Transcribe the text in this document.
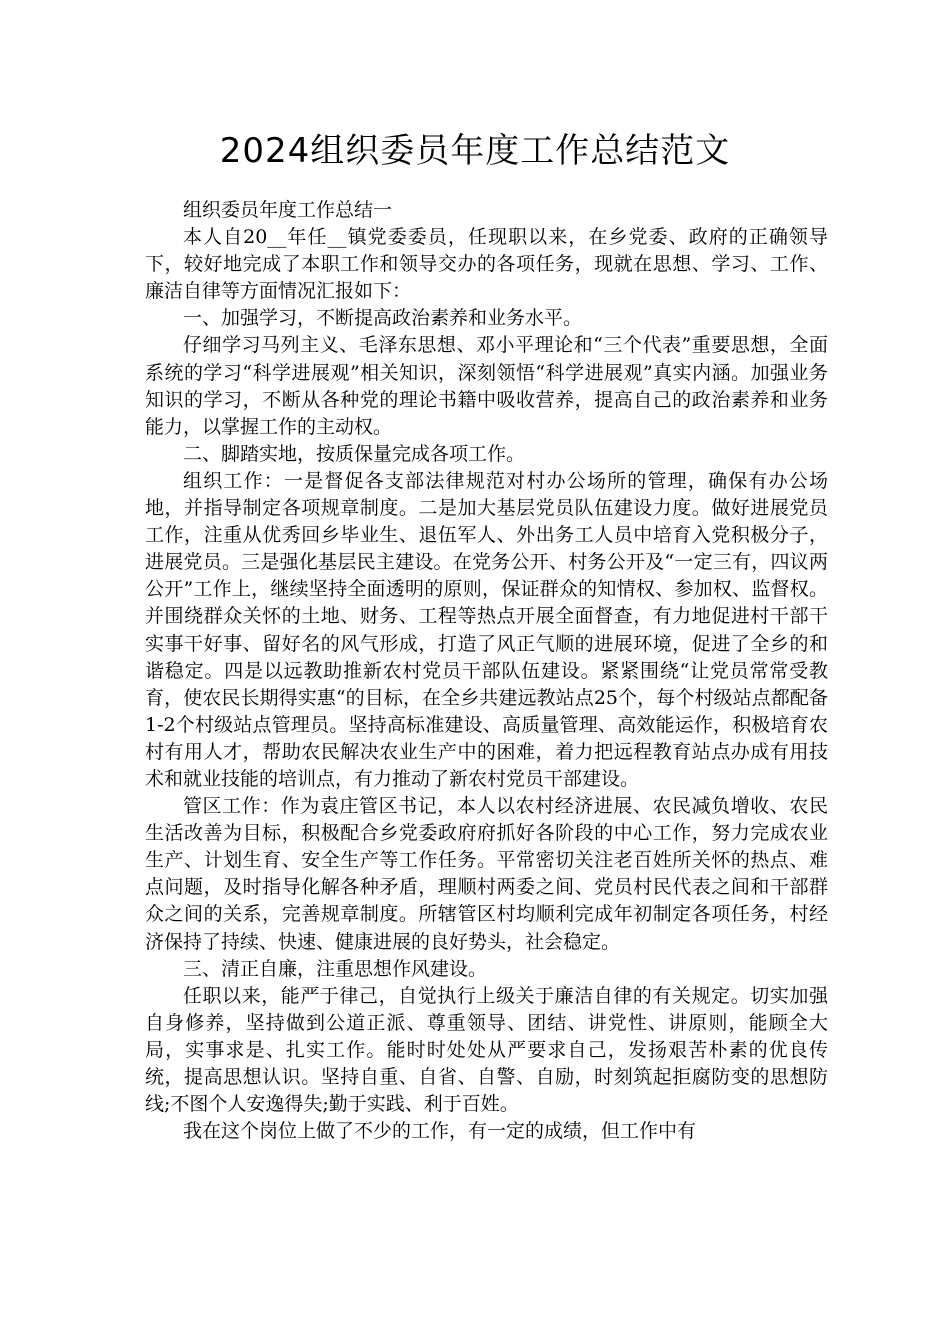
2024组织委员年度工作总结范文

组织委员年度工作总结一

本人自20__年任__镇党委委员，任现职以来，在乡党委、政府的正确领导下，较好地完成了本职工作和领导交办的各项任务，现就在思想、学习、工作、廉洁自律等方面情况汇报如下：

一、加强学习，不断提高政治素养和业务水平。

仔细学习马列主义、毛泽东思想、邓小平理论和“三个代表”重要思想，全面系统的学习“科学进展观”相关知识，深刻领悟“科学进展观”真实内涵。加强业务知识的学习，不断从各种党的理论书籍中吸收营养，提高自己的政治素养和业务能力，以掌握工作的主动权。

二、脚踏实地，按质保量完成各项工作。

组织工作：一是督促各支部法律规范对村办公场所的管理，确保有办公场地，并指导制定各项规章制度。二是加大基层党员队伍建设力度。做好进展党员工作，注重从优秀回乡毕业生、退伍军人、外出务工人员中培育入党积极分子，进展党员。三是强化基层民主建设。在党务公开、村务公开及“一定三有，四议两公开”工作上，继续坚持全面透明的原则，保证群众的知情权、参加权、监督权。并围绕群众关怀的土地、财务、工程等热点开展全面督查，有力地促进村干部干实事干好事、留好名的风气形成，打造了风正气顺的进展环境，促进了全乡的和谐稳定。四是以远教助推新农村党员干部队伍建设。紧紧围绕“让党员常常受教育，使农民长期得实惠“的目标，在全乡共建远教站点25个，每个村级站点都配备1-2个村级站点管理员。坚持高标准建设、高质量管理、高效能运作，积极培育农村有用人才，帮助农民解决农业生产中的困难，着力把远程教育站点办成有用技术和就业技能的培训点，有力推动了新农村党员干部建设。

管区工作：作为袁庄管区书记，本人以农村经济进展、农民减负增收、农民生活改善为目标，积极配合乡党委政府府抓好各阶段的中心工作，努力完成农业生产、计划生育、安全生产等工作任务。平常密切关注老百姓所关怀的热点、难点问题，及时指导化解各种矛盾，理顺村两委之间、党员村民代表之间和干部群众之间的关系，完善规章制度。所辖管区村均顺利完成年初制定各项任务，村经济保持了持续、快速、健康进展的良好势头，社会稳定。

三、清正自廉，注重思想作风建设。

任职以来，能严于律己，自觉执行上级关于廉洁自律的有关规定。切实加强自身修养，坚持做到公道正派、尊重领导、团结、讲党性、讲原则，能顾全大局，实事求是、扎实工作。能时时处处从严要求自己，发扬艰苦朴素的优良传统，提高思想认识。坚持自重、自省、自警、自励，时刻筑起拒腐防变的思想防线;不图个人安逸得失;勤于实践、利于百姓。

我在这个岗位上做了不少的工作，有一定的成绩，但工作中有
